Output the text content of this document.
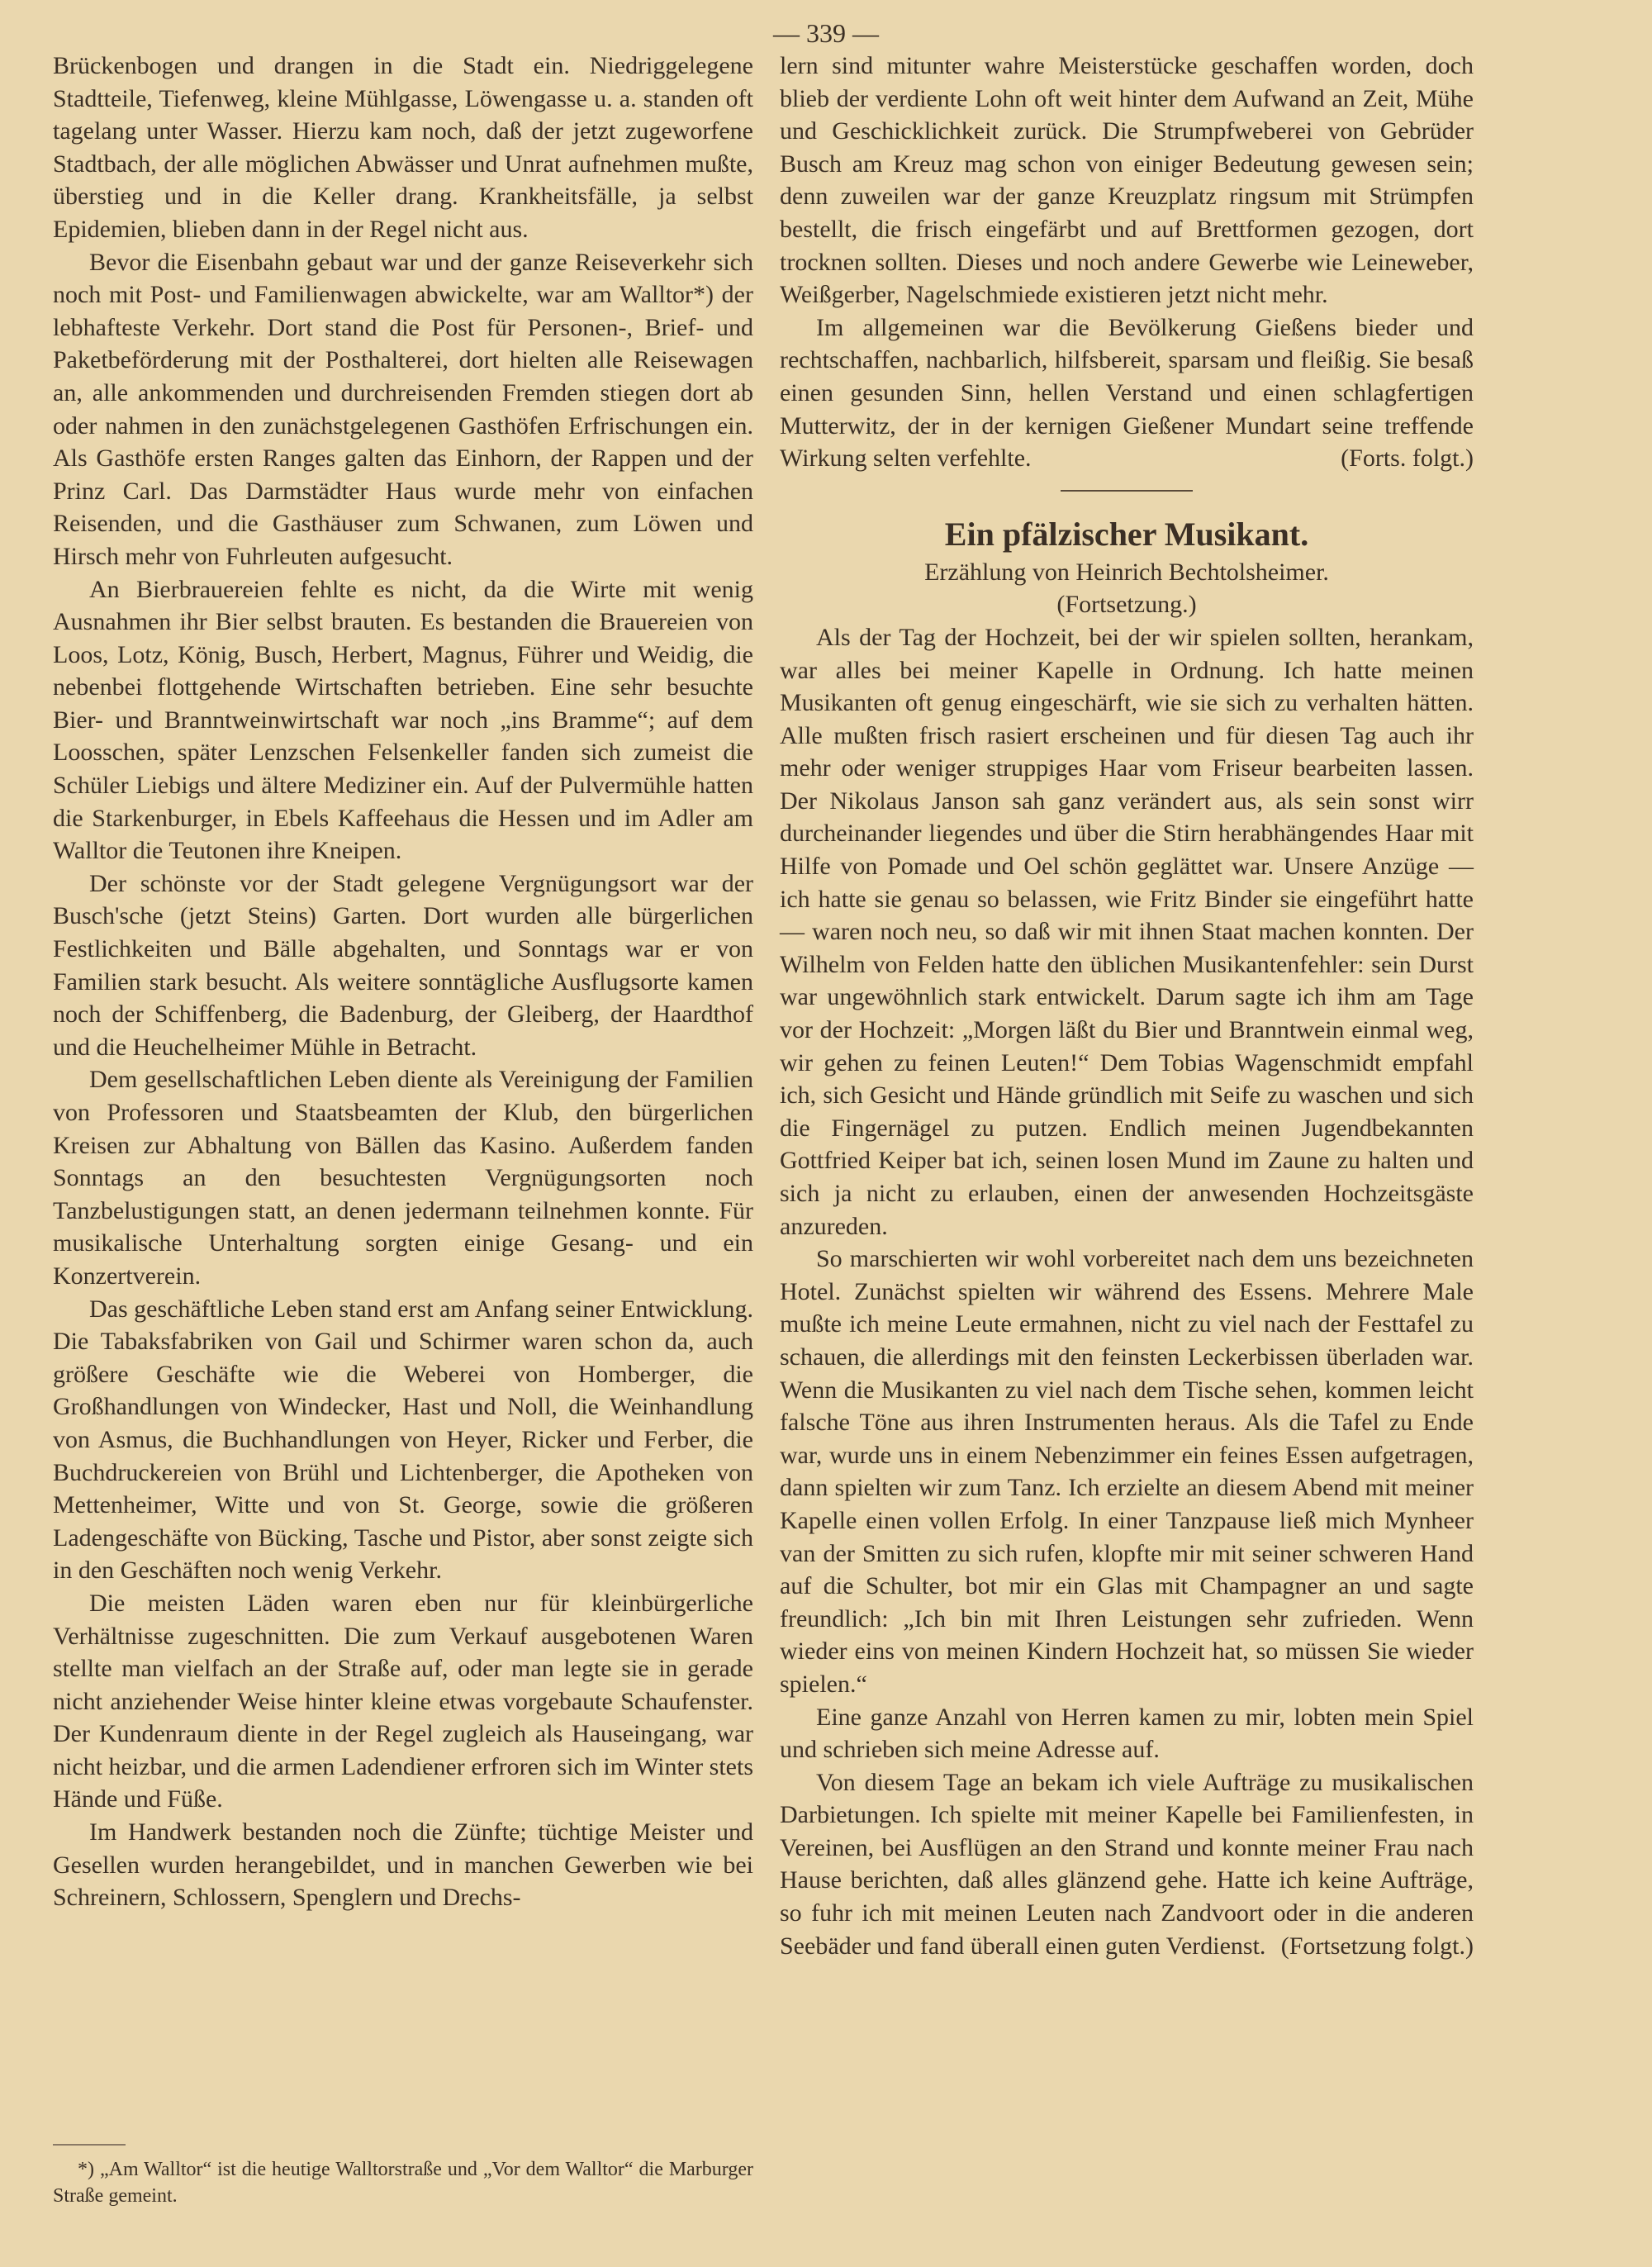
— 339 —

Brückenbogen und drangen in die Stadt ein. Niedriggelegene Stadtteile, Tiefenweg, kleine Mühlgasse, Löwengasse u. a. standen oft tagelang unter Wasser. Hierzu kam noch, daß der jetzt zugeworfene Stadtbach, der alle möglichen Abwässer und Unrat aufnehmen mußte, überstieg und in die Keller drang. Krankheitsfälle, ja selbst Epidemien, blieben dann in der Regel nicht aus.

Bevor die Eisenbahn gebaut war und der ganze Reiseverkehr sich noch mit Post- und Familienwagen abwickelte, war am Walltor*) der lebhafteste Verkehr. Dort stand die Post für Personen-, Brief- und Paketbeförderung mit der Posthalterei, dort hielten alle Reisewagen an, alle ankommenden und durchreisenden Fremden stiegen dort ab oder nahmen in den zunächstgelegenen Gasthöfen Erfrischungen ein. Als Gasthöfe ersten Ranges galten das Einhorn, der Rappen und der Prinz Carl. Das Darmstädter Haus wurde mehr von einfachen Reisenden, und die Gasthäuser zum Schwanen, zum Löwen und Hirsch mehr von Fuhrleuten aufgesucht.

An Bierbrauereien fehlte es nicht, da die Wirte mit wenig Ausnahmen ihr Bier selbst brauten. Es bestanden die Brauereien von Loos, Lotz, König, Busch, Herbert, Magnus, Führer und Weidig, die nebenbei flottgehende Wirtschaften betrieben. Eine sehr besuchte Bier- und Branntweinwirtschaft war noch „ins Bramme“; auf dem Loosschen, später Lenzschen Felsenkeller fanden sich zumeist die Schüler Liebigs und ältere Mediziner ein. Auf der Pulvermühle hatten die Starkenburger, in Ebels Kaffeehaus die Hessen und im Adler am Walltor die Teutonen ihre Kneipen.

Der schönste vor der Stadt gelegene Vergnügungsort war der Busch'sche (jetzt Steins) Garten. Dort wurden alle bürgerlichen Festlichkeiten und Bälle abgehalten, und Sonntags war er von Familien stark besucht. Als weitere sonntägliche Ausflugsorte kamen noch der Schiffenberg, die Badenburg, der Gleiberg, der Haardthof und die Heuchelheimer Mühle in Betracht.

Dem gesellschaftlichen Leben diente als Vereinigung der Familien von Professoren und Staatsbeamten der Klub, den bürgerlichen Kreisen zur Abhaltung von Bällen das Kasino. Außerdem fanden Sonntags an den besuchtesten Vergnügungsorten noch Tanzbelustigungen statt, an denen jedermann teilnehmen konnte. Für musikalische Unterhaltung sorgten einige Gesang- und ein Konzertverein.

Das geschäftliche Leben stand erst am Anfang seiner Entwicklung. Die Tabaksfabriken von Gail und Schirmer waren schon da, auch größere Geschäfte wie die Weberei von Homberger, die Großhandlungen von Windecker, Hast und Noll, die Weinhandlung von Asmus, die Buchhandlungen von Heyer, Ricker und Ferber, die Buchdruckereien von Brühl und Lichtenberger, die Apotheken von Mettenheimer, Witte und von St. George, sowie die größeren Ladengeschäfte von Bücking, Tasche und Pistor, aber sonst zeigte sich in den Geschäften noch wenig Verkehr.

Die meisten Läden waren eben nur für kleinbürgerliche Verhältnisse zugeschnitten. Die zum Verkauf ausgebotenen Waren stellte man vielfach an der Straße auf, oder man legte sie in gerade nicht anziehender Weise hinter kleine etwas vorgebaute Schaufenster. Der Kundenraum diente in der Regel zugleich als Hauseingang, war nicht heizbar, und die armen Ladendiener erfroren sich im Winter stets Hände und Füße.

Im Handwerk bestanden noch die Zünfte; tüchtige Meister und Gesellen wurden herangebildet, und in manchen Gewerben wie bei Schreinern, Schlossern, Spenglern und Drechs-

*) „Am Walltor“ ist die heutige Walltorstraße und „Vor dem Walltor“ die Marburger Straße gemeint.

lern sind mitunter wahre Meisterstücke geschaffen worden, doch blieb der verdiente Lohn oft weit hinter dem Aufwand an Zeit, Mühe und Geschicklichkeit zurück. Die Strumpfweberei von Gebrüder Busch am Kreuz mag schon von einiger Bedeutung gewesen sein; denn zuweilen war der ganze Kreuzplatz ringsum mit Strümpfen bestellt, die frisch eingefärbt und auf Brettformen gezogen, dort trocknen sollten. Dieses und noch andere Gewerbe wie Leineweber, Weißgerber, Nagelschmiede existieren jetzt nicht mehr.

Im allgemeinen war die Bevölkerung Gießens bieder und rechtschaffen, nachbarlich, hilfsbereit, sparsam und fleißig. Sie besaß einen gesunden Sinn, hellen Verstand und einen schlagfertigen Mutterwitz, der in der kernigen Gießener Mundart seine treffende Wirkung selten verfehlte.	(Forts. folgt.)

Ein pfälzischer Musikant.

Erzählung von Heinrich Bechtolsheimer.

(Fortsetzung.)

Als der Tag der Hochzeit, bei der wir spielen sollten, herankam, war alles bei meiner Kapelle in Ordnung. Ich hatte meinen Musikanten oft genug eingeschärft, wie sie sich zu verhalten hätten. Alle mußten frisch rasiert erscheinen und für diesen Tag auch ihr mehr oder weniger struppiges Haar vom Friseur bearbeiten lassen. Der Nikolaus Janson sah ganz verändert aus, als sein sonst wirr durcheinander liegendes und über die Stirn herabhängendes Haar mit Hilfe von Pomade und Oel schön geglättet war. Unsere Anzüge — ich hatte sie genau so belassen, wie Fritz Binder sie eingeführt hatte — waren noch neu, so daß wir mit ihnen Staat machen konnten. Der Wilhelm von Felden hatte den üblichen Musikantenfehler: sein Durst war ungewöhnlich stark entwickelt. Darum sagte ich ihm am Tage vor der Hochzeit: „Morgen läßt du Bier und Branntwein einmal weg, wir gehen zu feinen Leuten!“ Dem Tobias Wagenschmidt empfahl ich, sich Gesicht und Hände gründlich mit Seife zu waschen und sich die Fingernägel zu putzen. Endlich meinen Jugendbekannten Gottfried Keiper bat ich, seinen losen Mund im Zaune zu halten und sich ja nicht zu erlauben, einen der anwesenden Hochzeitsgäste anzureden.

So marschierten wir wohl vorbereitet nach dem uns bezeichneten Hotel. Zunächst spielten wir während des Essens. Mehrere Male mußte ich meine Leute ermahnen, nicht zu viel nach der Festtafel zu schauen, die allerdings mit den feinsten Leckerbissen überladen war. Wenn die Musikanten zu viel nach dem Tische sehen, kommen leicht falsche Töne aus ihren Instrumenten heraus. Als die Tafel zu Ende war, wurde uns in einem Nebenzimmer ein feines Essen aufgetragen, dann spielten wir zum Tanz. Ich erzielte an diesem Abend mit meiner Kapelle einen vollen Erfolg. In einer Tanzpause ließ mich Mynheer van der Smitten zu sich rufen, klopfte mir mit seiner schweren Hand auf die Schulter, bot mir ein Glas mit Champagner an und sagte freundlich: „Ich bin mit Ihren Leistungen sehr zufrieden. Wenn wieder eins von meinen Kindern Hochzeit hat, so müssen Sie wieder spielen.“

Eine ganze Anzahl von Herren kamen zu mir, lobten mein Spiel und schrieben sich meine Adresse auf.

Von diesem Tage an bekam ich viele Aufträge zu musikalischen Darbietungen. Ich spielte mit meiner Kapelle bei Familienfesten, in Vereinen, bei Ausflügen an den Strand und konnte meiner Frau nach Hause berichten, daß alles glänzend gehe. Hatte ich keine Aufträge, so fuhr ich mit meinen Leuten nach Zandvoort oder in die anderen Seebäder und fand überall einen guten Verdienst. (Fortsetzung folgt.)
